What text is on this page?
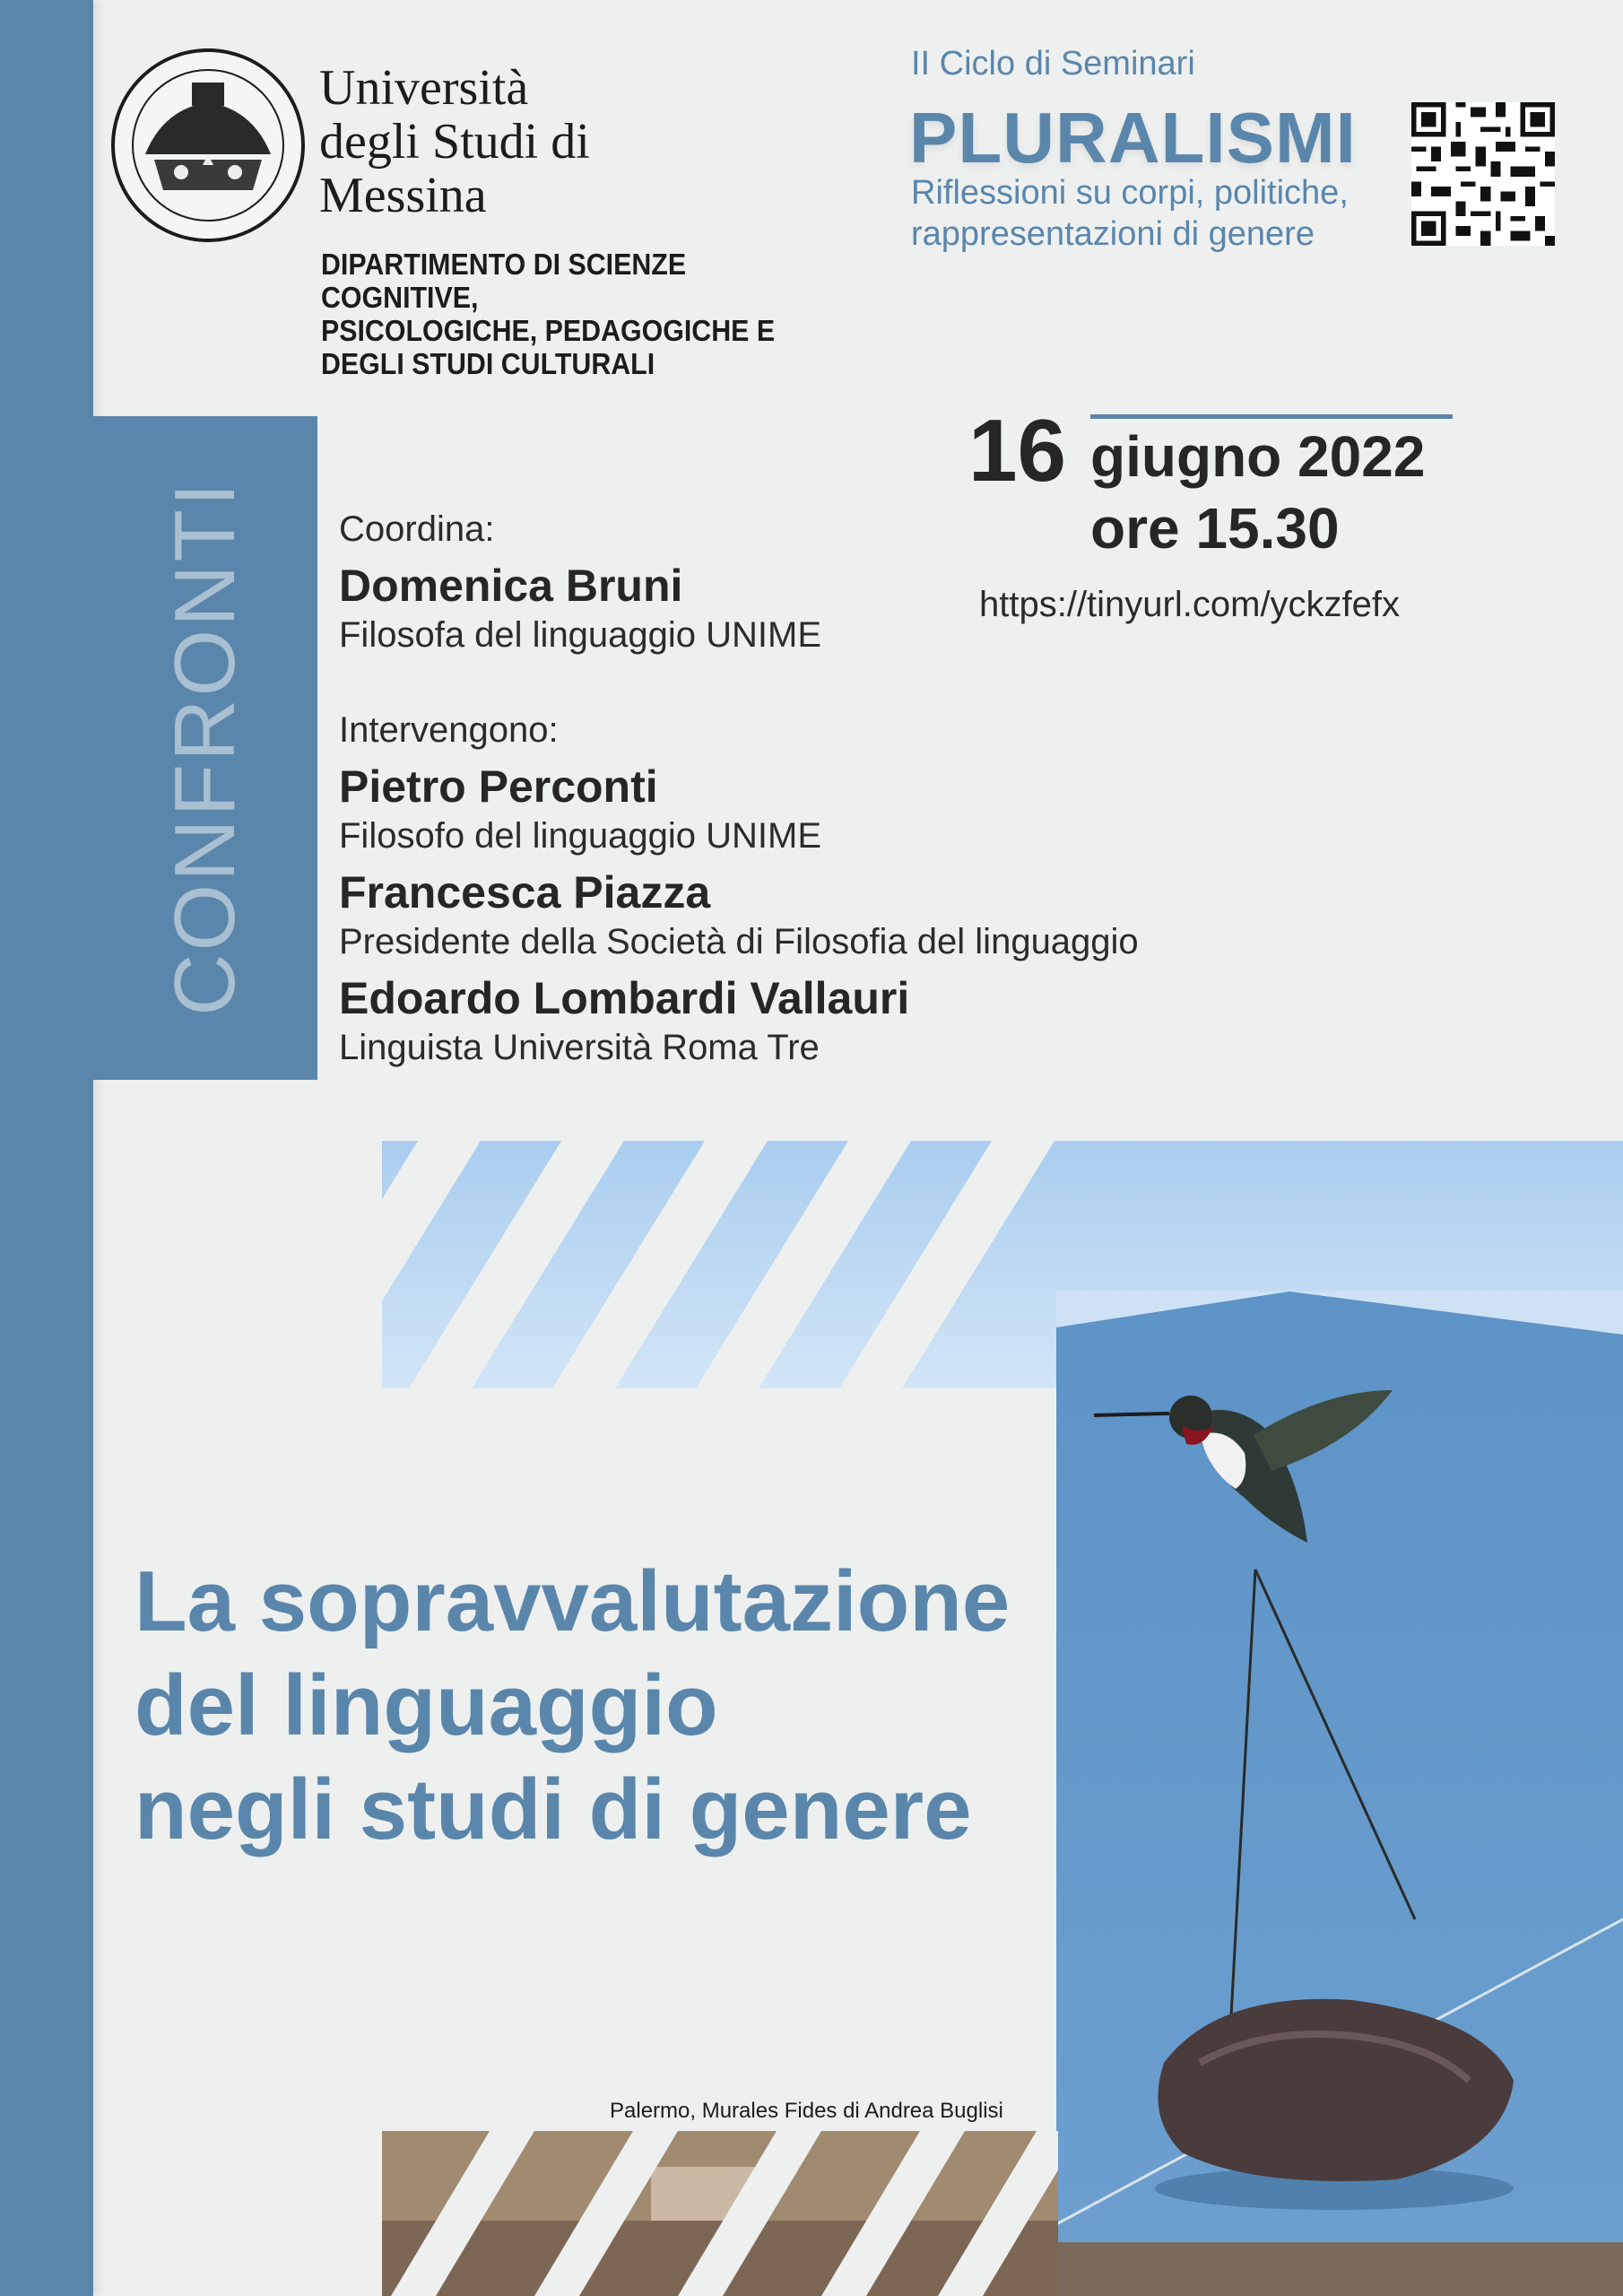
Università
degli Studi di
Messina
DIPARTIMENTO DI SCIENZE COGNITIVE,
PSICOLOGICHE, PEDAGOGICHE E
DEGLI STUDI CULTURALI
II Ciclo di Seminari
PLURALISMI
Riflessioni su corpi, politiche,
rappresentazioni di genere
CONFRONTI
16 giugno 2022
ore 15.30
https://tinyurl.com/yckzfefx
Coordina:
Domenica Bruni
Filosofa del linguaggio UNIME
Intervengono:
Pietro Perconti
Filosofo del linguaggio UNIME
Francesca Piazza
Presidente della Società di Filosofia del linguaggio
Edoardo Lombardi Vallauri
Linguista Università Roma Tre
La sopravvalutazione
del linguaggio
negli studi di genere
Palermo, Murales Fides di Andrea Buglisi
